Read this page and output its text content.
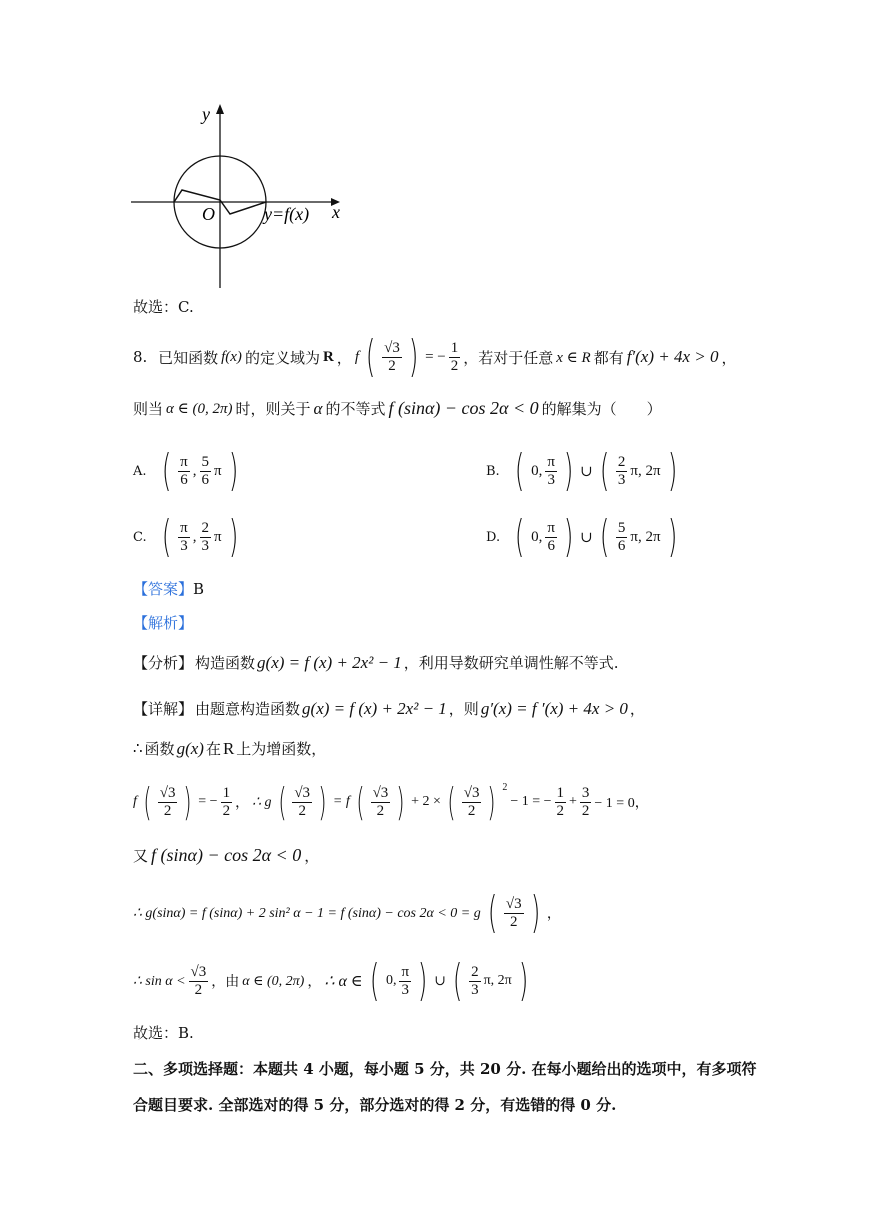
y
x
O	y=f(x)
故选：C.
8.
已知函数 f(x) 的定义域为 R ， f ( $\frac{√3}{2}$ ) = − $\frac{1}{2}$ ，若对于任意 x ∈ R 都有 f′(x) + 4x > 0 ，
则当 α ∈ (0, 2π) 时，则关于 α 的不等式 f (sinα) − cos 2α < 0 的解集为（　　）
A. ( $\frac{\pi}{6}$ , $\frac{5}{6}$ π )	B. ( 0, $\frac{\pi}{3}$ ) ∪ ( $\frac{2}{3} \pi$, 2π )
C. ( $\frac{\pi}{3}$ , $\frac{2}{3}$ π )	D. ( 0, $\frac{\pi}{6}$ ) ∪ ( $\frac{5}{6} \pi$, 2π )
【答案】B
【解析】
【分析】 构造函数 g(x) = f (x) + 2x² − 1 ，利用导数研究单调性解不等式.
【详解】 由题意构造函数 g(x) = f (x) + 2x² − 1 ，则 g′(x) = f ′(x) + 4x > 0 ，
∴ 函数 g(x) 在 R 上为增函数，
f ( $\frac{√3}{2}$ ) = − $\frac{1}{2}$ ， ∴ g ( $\frac{√3}{2}$ ) = f ( $\frac{√3}{2}$ ) + 2 × ( $\frac{√3}{2}$ ) $^2$
− 1 = − $\frac{1}{2} + \frac{3}{2} - 1 = 0$，
又 f (sinα) − cos 2α < 0 ，
∴ g(sinα) = f (sinα) + 2 sin² α − 1 = f (sinα) − cos 2α < 0 = g ( $\frac{√3}{2}$ ) ，
∴ $\sin \alpha < \frac{√3}{2}$ ，由 α ∈ (0, 2π) ， ∴ α ∈ ( 0, $\frac{\pi}{3}$ ) ∪ ( $\frac{2}{3} \pi$, 2π )
故选：B.
二、多项选择题：本题共 4 小题，每小题 5 分，共 20 分. 在每小题给出的选项中，有多项符
合题目要求. 全部选对的得 5 分，部分选对的得 2 分，有选错的得 0 分.
